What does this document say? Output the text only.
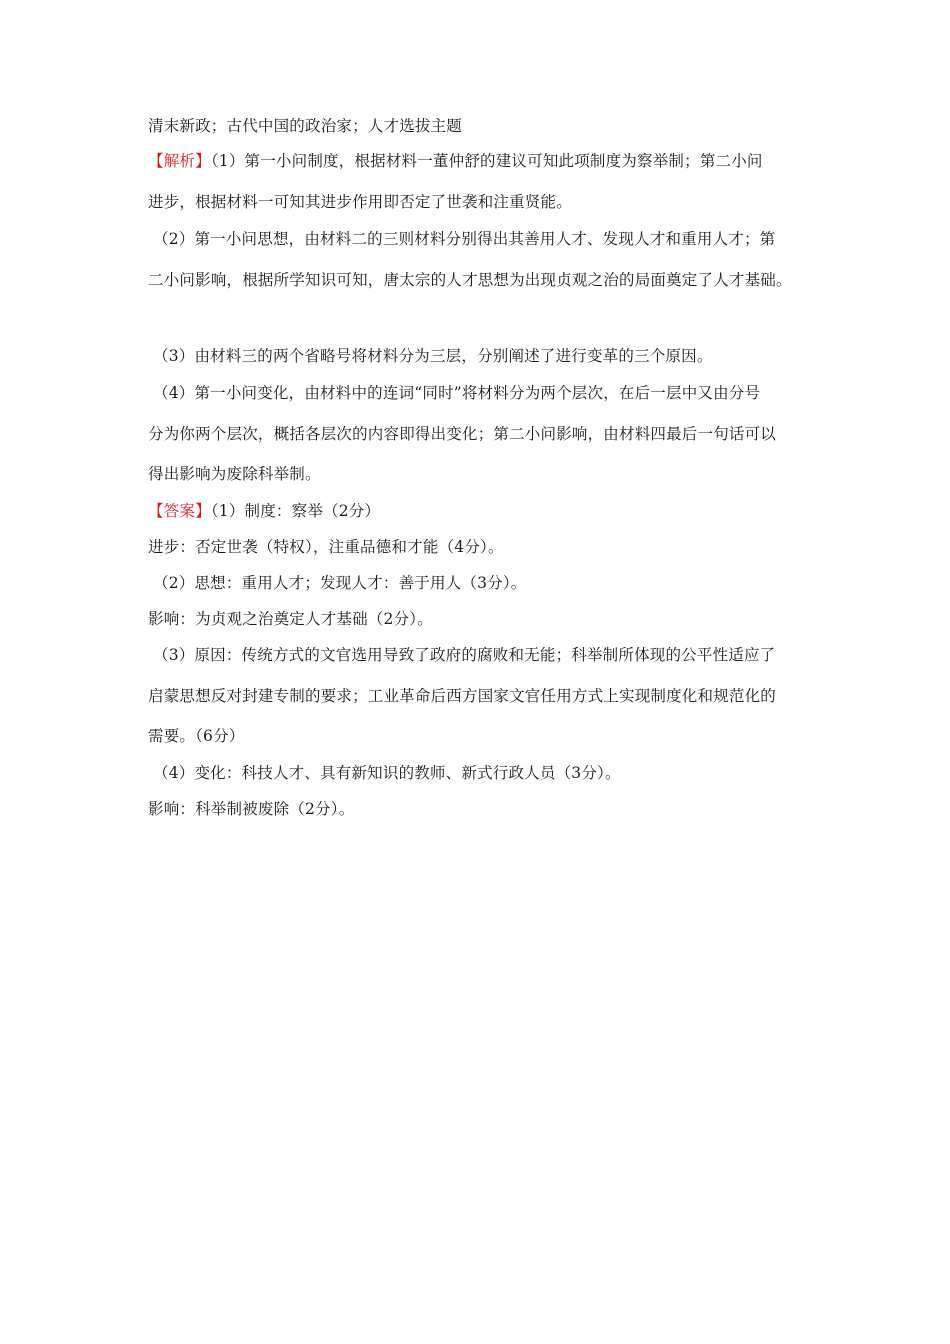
清末新政；古代中国的政治家；人才选拔主题
【解析】（1）第一小问制度，根据材料一董仲舒的建议可知此项制度为察举制；第二小问
进步，根据材料一可知其进步作用即否定了世袭和注重贤能。
（2）第一小问思想，由材料二的三则材料分别得出其善用人才、发现人才和重用人才；第
二小问影响，根据所学知识可知，唐太宗的人才思想为出现贞观之治的局面奠定了人才基础。
（3）由材料三的两个省略号将材料分为三层，分别阐述了进行变革的三个原因。
（4）第一小问变化，由材料中的连词“同时”将材料分为两个层次，在后一层中又由分号
分为你两个层次，概括各层次的内容即得出变化；第二小问影响，由材料四最后一句话可以
得出影响为废除科举制。
【答案】（1）制度：察举（2分）
进步：否定世袭（特权），注重品德和才能（4分）。
（2）思想：重用人才；发现人才：善于用人（3分）。
影响：为贞观之治奠定人才基础（2分）。
（3）原因：传统方式的文官选用导致了政府的腐败和无能；科举制所体现的公平性适应了
启蒙思想反对封建专制的要求；工业革命后西方国家文官任用方式上实现制度化和规范化的
需要。（6分）
（4）变化：科技人才、具有新知识的教师、新式行政人员（3分）。
影响：科举制被废除（2分）。
